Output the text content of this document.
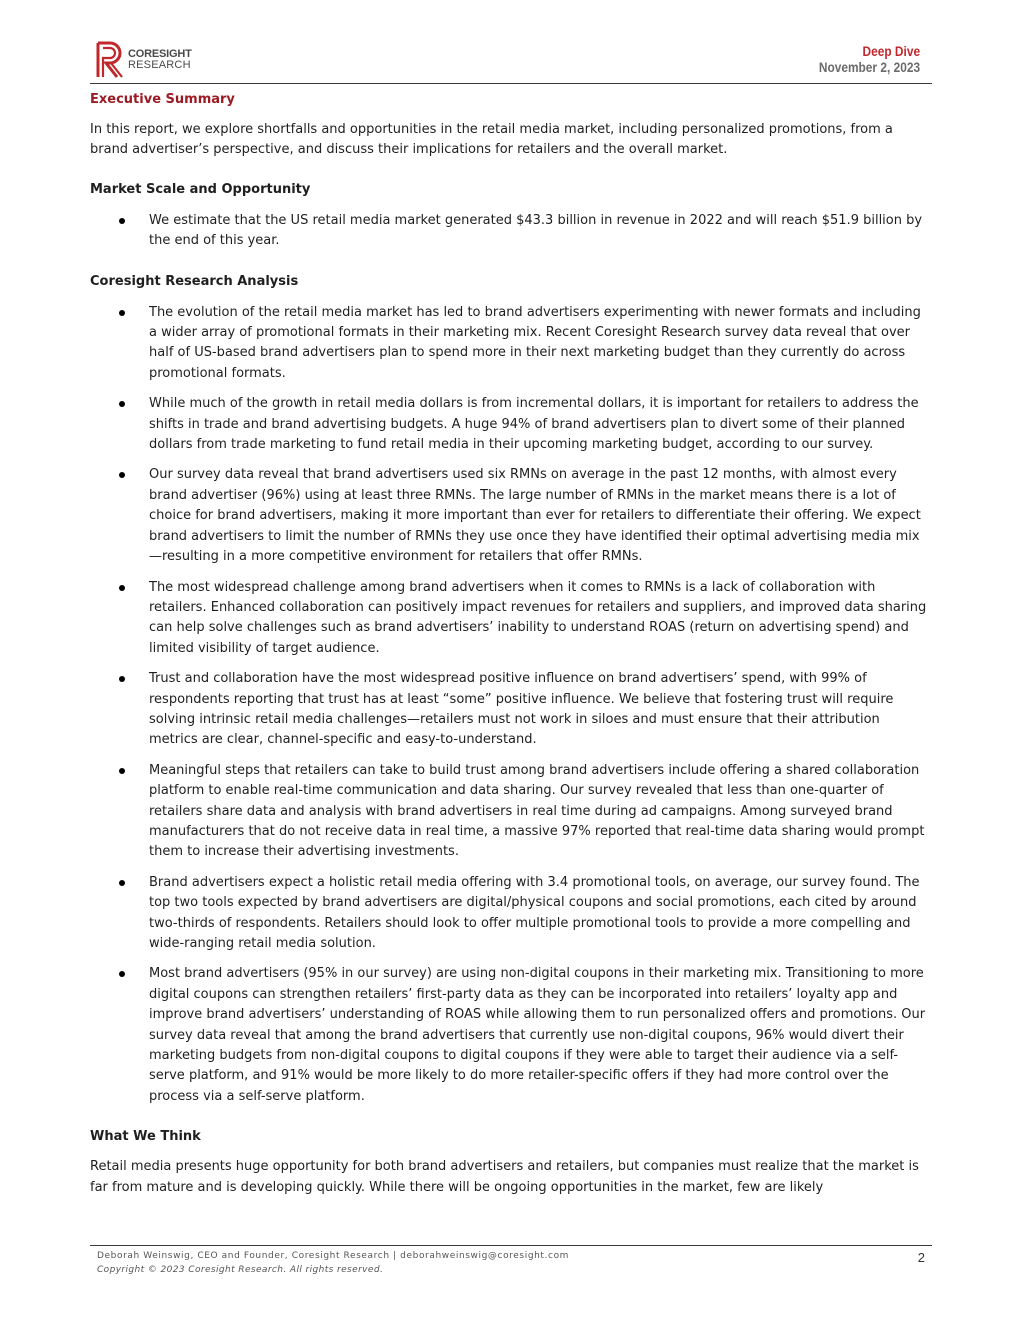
CORESIGHT
RESEARCH
Deep Dive
November 2, 2023
Executive Summary

In this report, we explore shortfalls and opportunities in the retail media market, including personalized promotions, from a brand advertiser’s perspective, and discuss their implications for retailers and the overall market.

Market Scale and Opportunity
We estimate that the US retail media market generated $43.3 billion in revenue in 2022 and will reach $51.9 billion by the end of this year.
Coresight Research Analysis
The evolution of the retail media market has led to brand advertisers experimenting with newer formats and including a wider array of promotional formats in their marketing mix. Recent Coresight Research survey data reveal that over half of US-based brand advertisers plan to spend more in their next marketing budget than they currently do across promotional formats.
While much of the growth in retail media dollars is from incremental dollars, it is important for retailers to address the shifts in trade and brand advertising budgets. A huge 94% of brand advertisers plan to divert some of their planned dollars from trade marketing to fund retail media in their upcoming marketing budget, according to our survey.
Our survey data reveal that brand advertisers used six RMNs on average in the past 12 months, with almost every brand advertiser (96%) using at least three RMNs. The large number of RMNs in the market means there is a lot of choice for brand advertisers, making it more important than ever for retailers to differentiate their offering. We expect brand advertisers to limit the number of RMNs they use once they have identified their optimal advertising media mix—resulting in a more competitive environment for retailers that offer RMNs.
The most widespread challenge among brand advertisers when it comes to RMNs is a lack of collaboration with retailers. Enhanced collaboration can positively impact revenues for retailers and suppliers, and improved data sharing can help solve challenges such as brand advertisers’ inability to understand ROAS (return on advertising spend) and limited visibility of target audience.
Trust and collaboration have the most widespread positive influence on brand advertisers’ spend, with 99% of respondents reporting that trust has at least “some” positive influence. We believe that fostering trust will require solving intrinsic retail media challenges—retailers must not work in siloes and must ensure that their attribution metrics are clear, channel-specific and easy-to-understand.
Meaningful steps that retailers can take to build trust among brand advertisers include offering a shared collaboration platform to enable real-time communication and data sharing. Our survey revealed that less than one-quarter of retailers share data and analysis with brand advertisers in real time during ad campaigns. Among surveyed brand manufacturers that do not receive data in real time, a massive 97% reported that real-time data sharing would prompt them to increase their advertising investments.
Brand advertisers expect a holistic retail media offering with 3.4 promotional tools, on average, our survey found. The top two tools expected by brand advertisers are digital/physical coupons and social promotions, each cited by around two-thirds of respondents. Retailers should look to offer multiple promotional tools to provide a more compelling and wide-ranging retail media solution.
Most brand advertisers (95% in our survey) are using non-digital coupons in their marketing mix. Transitioning to more digital coupons can strengthen retailers’ first-party data as they can be incorporated into retailers’ loyalty app and improve brand advertisers’ understanding of ROAS while allowing them to run personalized offers and promotions. Our survey data reveal that among the brand advertisers that currently use non-digital coupons, 96% would divert their marketing budgets from non-digital coupons to digital coupons if they were able to target their audience via a self-serve platform, and 91% would be more likely to do more retailer-specific offers if they had more control over the process via a self-serve platform.
What We Think

Retail media presents huge opportunity for both brand advertisers and retailers, but companies must realize that the market is far from mature and is developing quickly. While there will be ongoing opportunities in the market, few are likely

Deborah Weinswig, CEO and Founder, Coresight Research | deborahweinswig@coresight.com
Copyright © 2023 Coresight Research. All rights reserved.
2
